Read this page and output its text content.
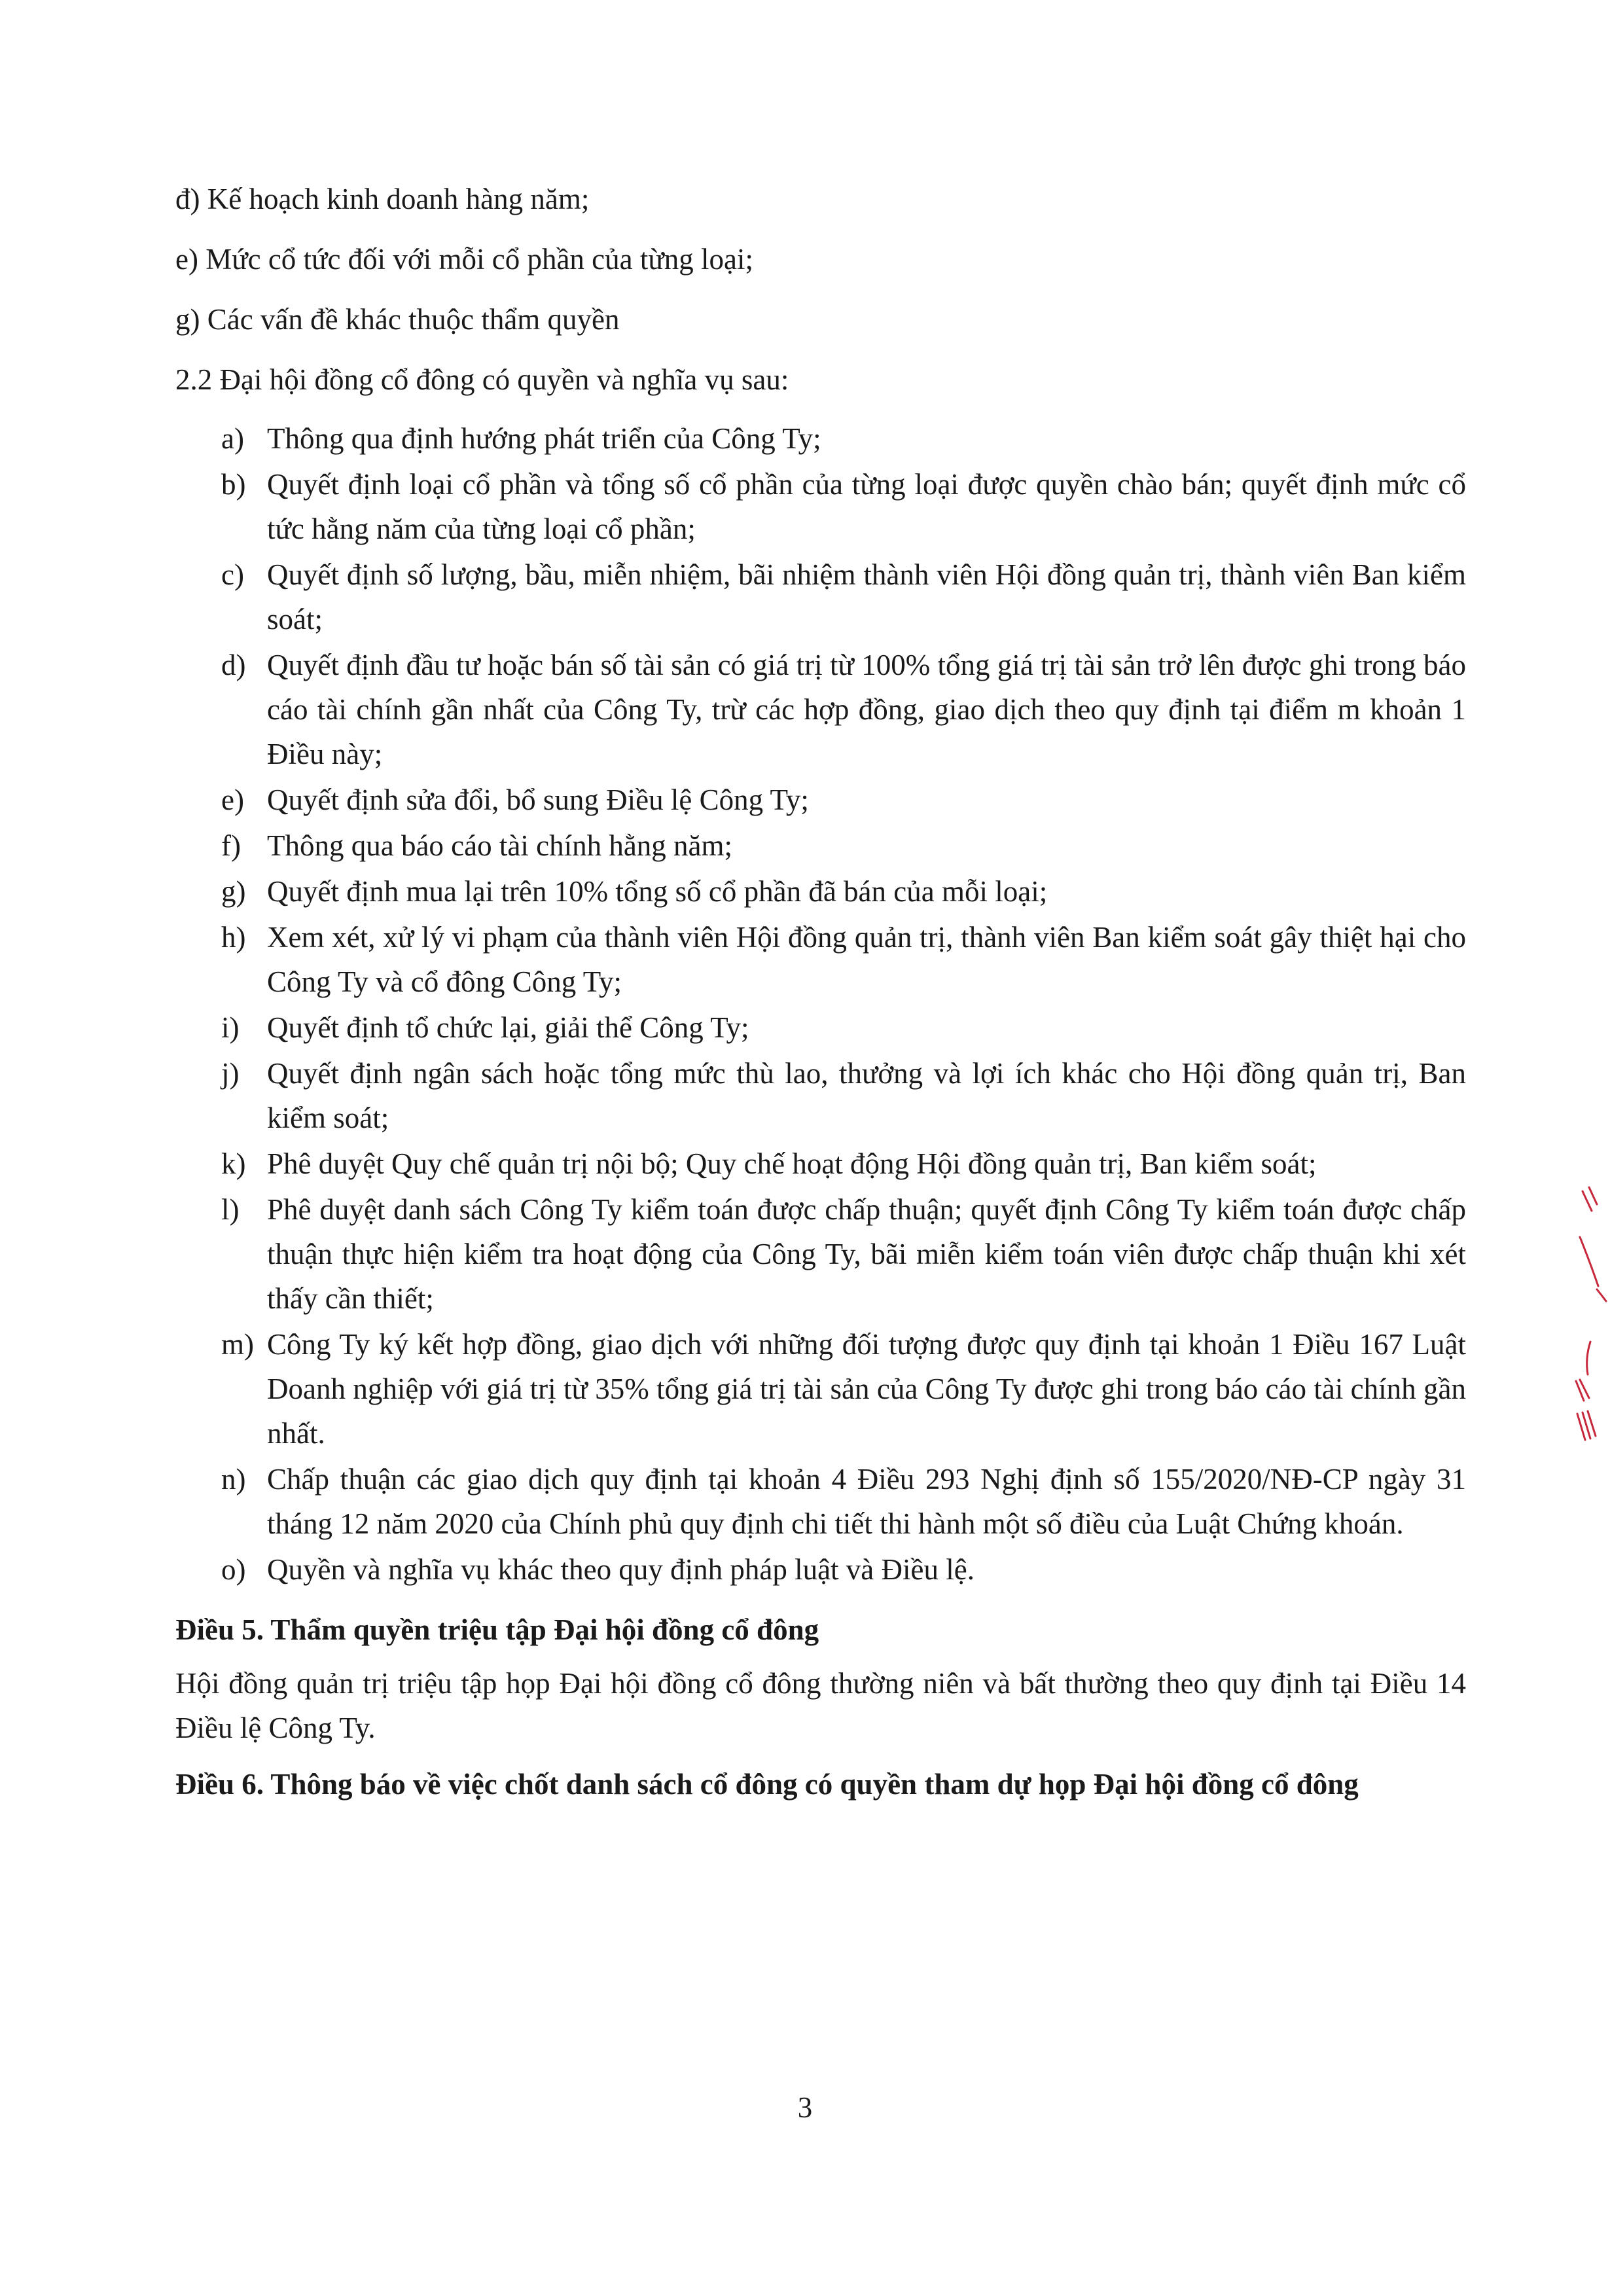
đ) Kế hoạch kinh doanh hàng năm;
e) Mức cổ tức đối với mỗi cổ phần của từng loại;
g) Các vấn đề khác thuộc thẩm quyền
2.2 Đại hội đồng cổ đông có quyền và nghĩa vụ sau:
a) Thông qua định hướng phát triển của Công Ty;
b) Quyết định loại cổ phần và tổng số cổ phần của từng loại được quyền chào bán; quyết định mức cổ tức hằng năm của từng loại cổ phần;
c) Quyết định số lượng, bầu, miễn nhiệm, bãi nhiệm thành viên Hội đồng quản trị, thành viên Ban kiểm soát;
d) Quyết định đầu tư hoặc bán số tài sản có giá trị từ 100% tổng giá trị tài sản trở lên được ghi trong báo cáo tài chính gần nhất của Công Ty, trừ các hợp đồng, giao dịch theo quy định tại điểm m khoản 1 Điều này;
e) Quyết định sửa đổi, bổ sung Điều lệ Công Ty;
f) Thông qua báo cáo tài chính hằng năm;
g) Quyết định mua lại trên 10% tổng số cổ phần đã bán của mỗi loại;
h) Xem xét, xử lý vi phạm của thành viên Hội đồng quản trị, thành viên Ban kiểm soát gây thiệt hại cho Công Ty và cổ đông Công Ty;
i) Quyết định tổ chức lại, giải thể Công Ty;
j) Quyết định ngân sách hoặc tổng mức thù lao, thưởng và lợi ích khác cho Hội đồng quản trị, Ban kiểm soát;
k) Phê duyệt Quy chế quản trị nội bộ; Quy chế hoạt động Hội đồng quản trị, Ban kiểm soát;
l) Phê duyệt danh sách Công Ty kiểm toán được chấp thuận; quyết định Công Ty kiểm toán được chấp thuận thực hiện kiểm tra hoạt động của Công Ty, bãi miễn kiểm toán viên được chấp thuận khi xét thấy cần thiết;
m) Công Ty ký kết hợp đồng, giao dịch với những đối tượng được quy định tại khoản 1 Điều 167 Luật Doanh nghiệp với giá trị từ 35% tổng giá trị tài sản của Công Ty được ghi trong báo cáo tài chính gần nhất.
n) Chấp thuận các giao dịch quy định tại khoản 4 Điều 293 Nghị định số 155/2020/NĐ-CP ngày 31 tháng 12 năm 2020 của Chính phủ quy định chi tiết thi hành một số điều của Luật Chứng khoán.
o) Quyền và nghĩa vụ khác theo quy định pháp luật và Điều lệ.
Điều 5. Thẩm quyền triệu tập Đại hội đồng cổ đông
Hội đồng quản trị triệu tập họp Đại hội đồng cổ đông thường niên và bất thường theo quy định tại Điều 14 Điều lệ Công Ty.
Điều 6. Thông báo về việc chốt danh sách cổ đông có quyền tham dự họp Đại hội đồng cổ đông
3
